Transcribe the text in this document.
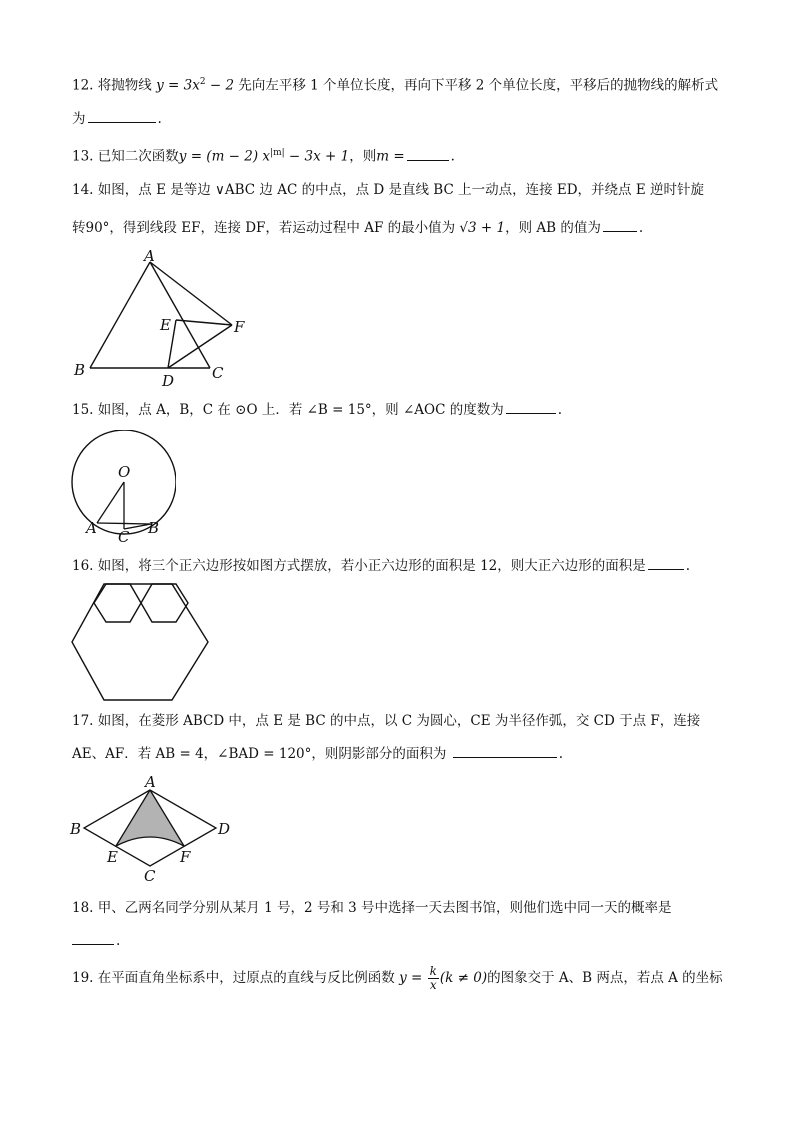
12. 将抛物线 $y = 3x^2 - 2$ 先向左平移 1 个单位长度，再向下平移 2 个单位长度，平移后的抛物线的解析式
为	.
13. 已知二次函数y = (m − 2) $x^{|m|} - 3x + 1$，则m =	.
14. 如图，点 E 是等边 ∨ABC 边 AC 的中点，点 D 是直线 BC 上一动点，连接 ED，并绕点 E 逆时针旋
转90°，得到线段 EF，连接 DF，若运动过程中 AF 的最小值为 √3 + 1，则 AB 的值为	.
A
B	C
D
E	F
15. 如图，点 A，B，C 在 ⊙O 上．若 ∠B = 15°，则 ∠AOC 的度数为	.
O
A C B
16. 如图，将三个正六边形按如图方式摆放，若小正六边形的面积是 12，则大正六边形的面积是	.
17. 如图，在菱形 ABCD 中，点 E 是 BC 的中点，以 C 为圆心，CE 为半径作弧，交 CD 于点 F，连接
AE、AF．若 AB = 4，∠BAD = 120°，则阴影部分的面积为	.
A
B	D
E	F
C
18. 甲、乙两名同学分别从某月 1 号，2 号和 3 号中选择一天去图书馆，则他们选中同一天的概率是
.
19. 在平面直角坐标系中，过原点的直线与反比例函数 $y = \frac{k}{x} (k \ne 0)$的图象交于 A、B 两点，若点 A 的坐标
